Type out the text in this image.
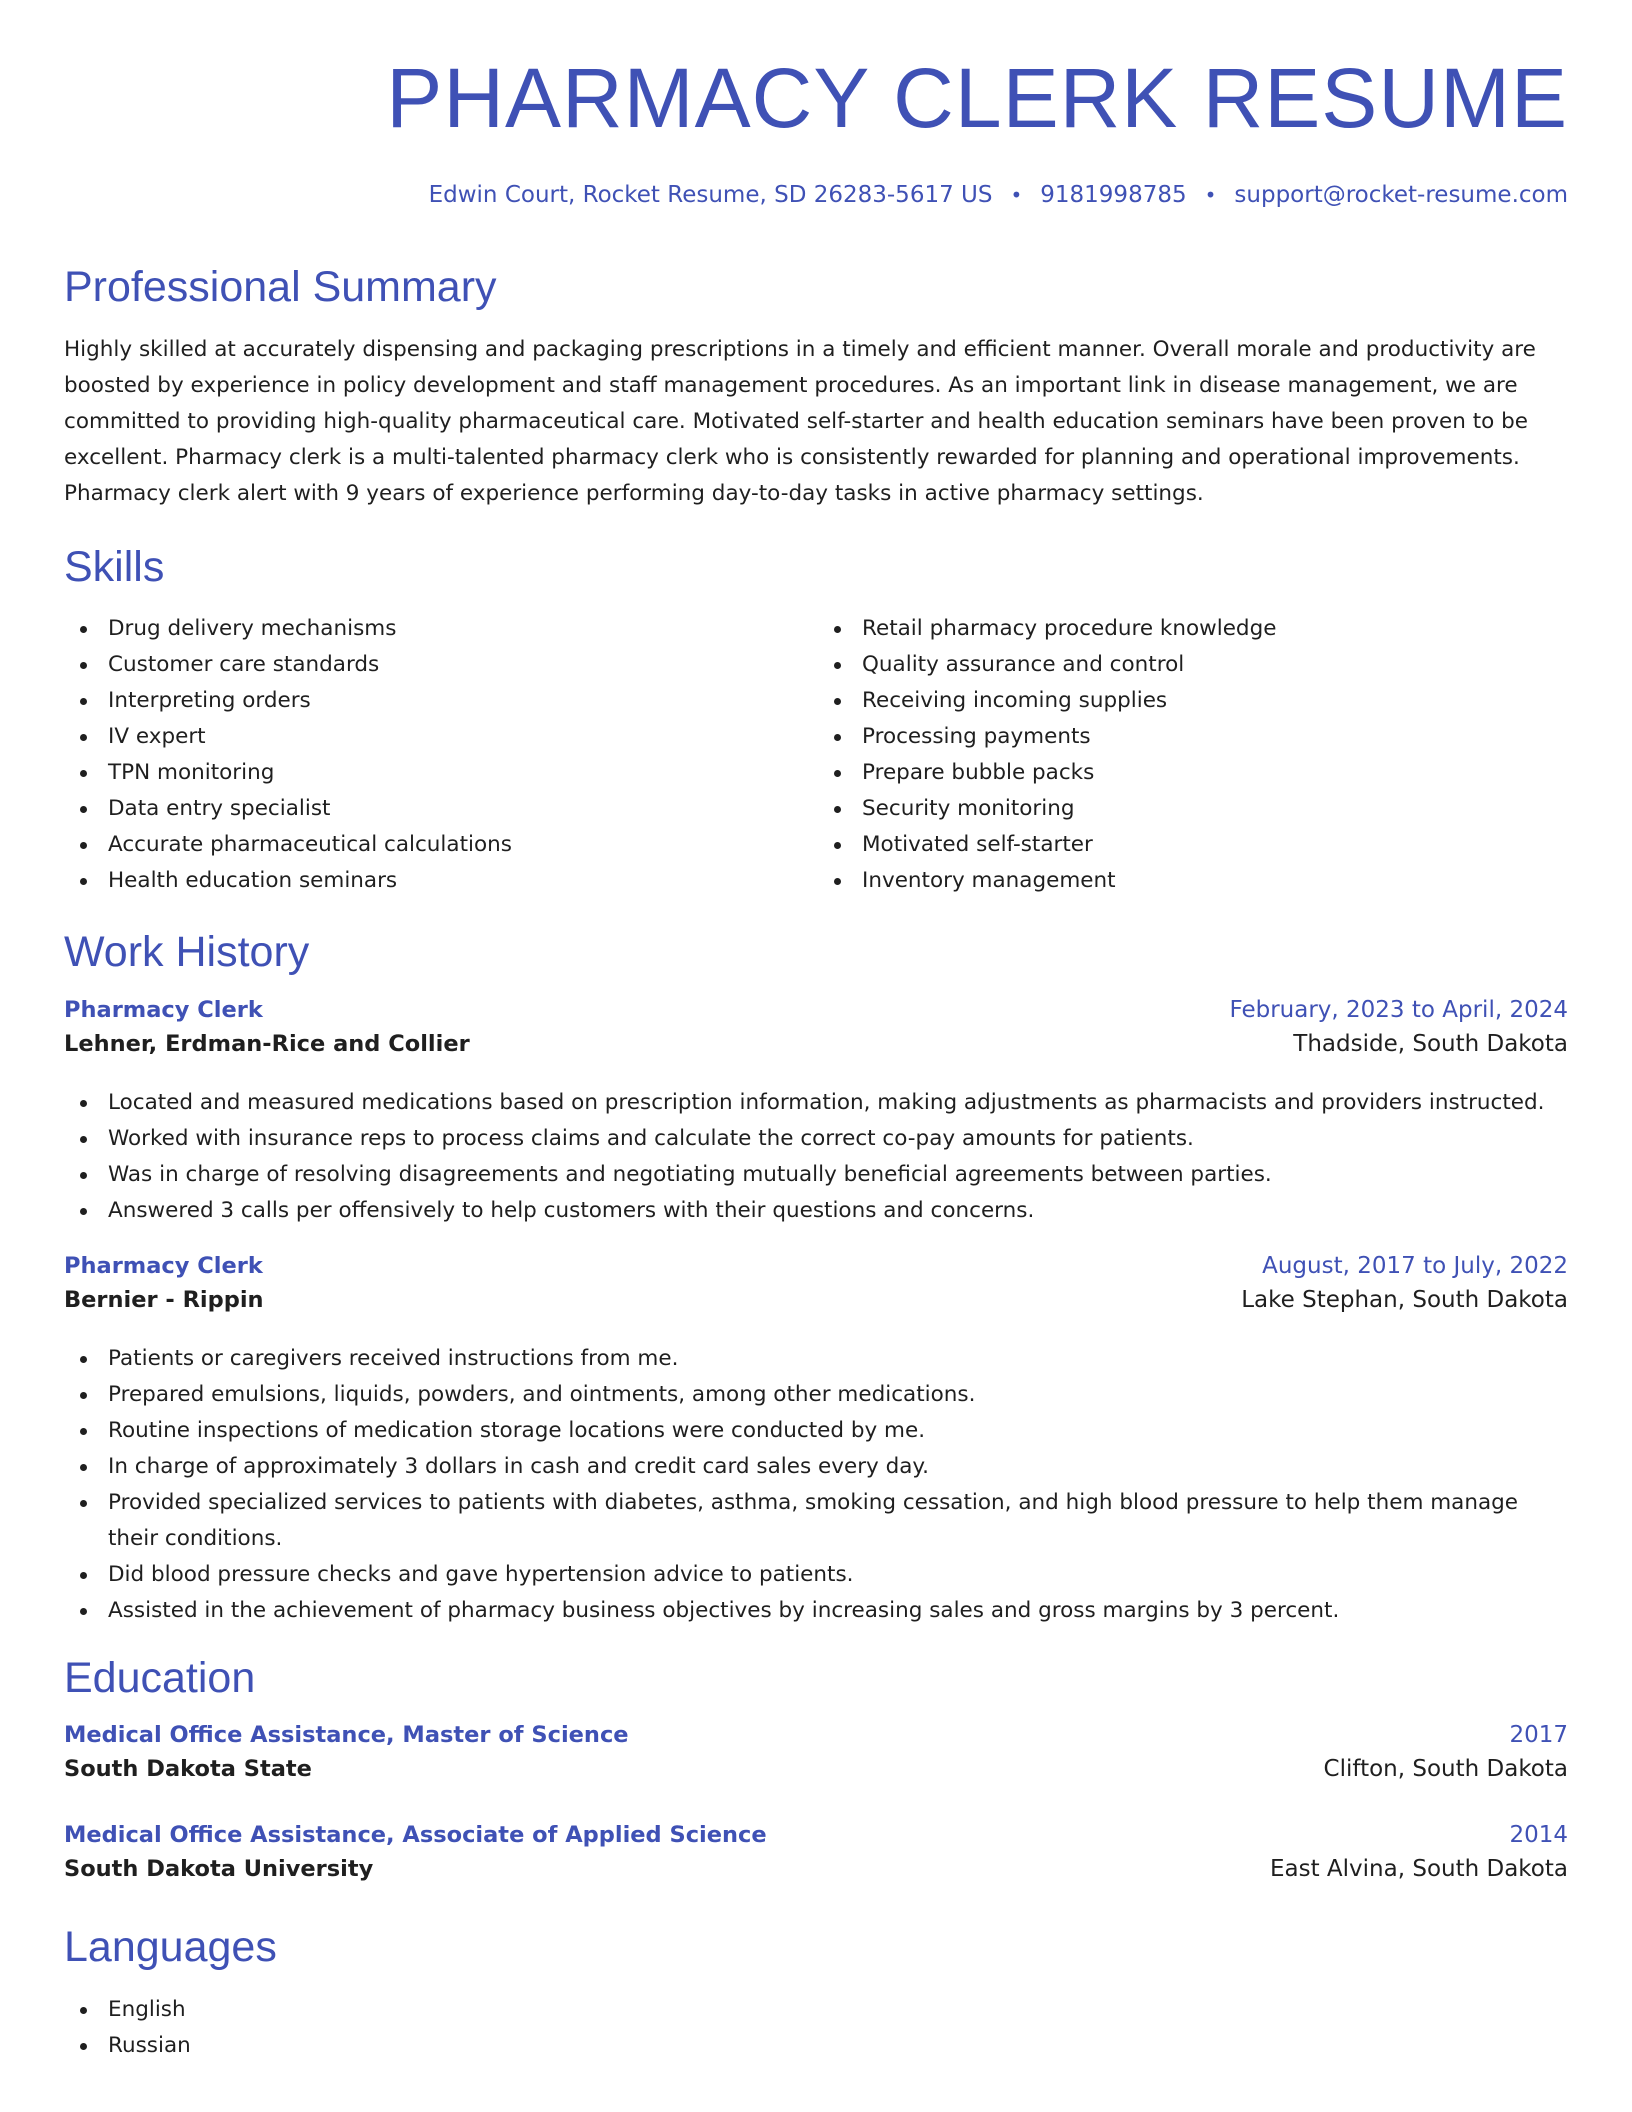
PHARMACY CLERK RESUME
Edwin Court, Rocket Resume, SD 26283-5617 US • 9181998785 • support@rocket-resume.com
Professional Summary

Highly skilled at accurately dispensing and packaging prescriptions in a timely and efficient manner. Overall morale and productivity are boosted by experience in policy development and staff management procedures. As an important link in disease management, we are committed to providing high-quality pharmaceutical care. Motivated self-starter and health education seminars have been proven to be excellent. Pharmacy clerk is a multi-talented pharmacy clerk who is consistently rewarded for planning and operational improvements. Pharmacy clerk alert with 9 years of experience performing day-to-day tasks in active pharmacy settings.

Skills
Drug delivery mechanisms
Customer care standards
Interpreting orders
IV expert
TPN monitoring
Data entry specialist
Accurate pharmaceutical calculations
Health education seminars
Retail pharmacy procedure knowledge
Quality assurance and control
Receiving incoming supplies
Processing payments
Prepare bubble packs
Security monitoring
Motivated self-starter
Inventory management
Work History
Pharmacy Clerk	February, 2023 to April, 2024
Lehner, Erdman-Rice and Collier	Thadside, South Dakota
Located and measured medications based on prescription information, making adjustments as pharmacists and providers instructed.
Worked with insurance reps to process claims and calculate the correct co-pay amounts for patients.
Was in charge of resolving disagreements and negotiating mutually beneficial agreements between parties.
Answered 3 calls per offensively to help customers with their questions and concerns.
Pharmacy Clerk	August, 2017 to July, 2022
Bernier - Rippin	Lake Stephan, South Dakota
Patients or caregivers received instructions from me.
Prepared emulsions, liquids, powders, and ointments, among other medications.
Routine inspections of medication storage locations were conducted by me.
In charge of approximately 3 dollars in cash and credit card sales every day.
Provided specialized services to patients with diabetes, asthma, smoking cessation, and high blood pressure to help them manage their conditions.
Did blood pressure checks and gave hypertension advice to patients.
Assisted in the achievement of pharmacy business objectives by increasing sales and gross margins by 3 percent.
Education
Medical Office Assistance, Master of Science	2017
South Dakota State	Clifton, South Dakota
Medical Office Assistance, Associate of Applied Science	2014
South Dakota University	East Alvina, South Dakota
Languages
English
Russian
